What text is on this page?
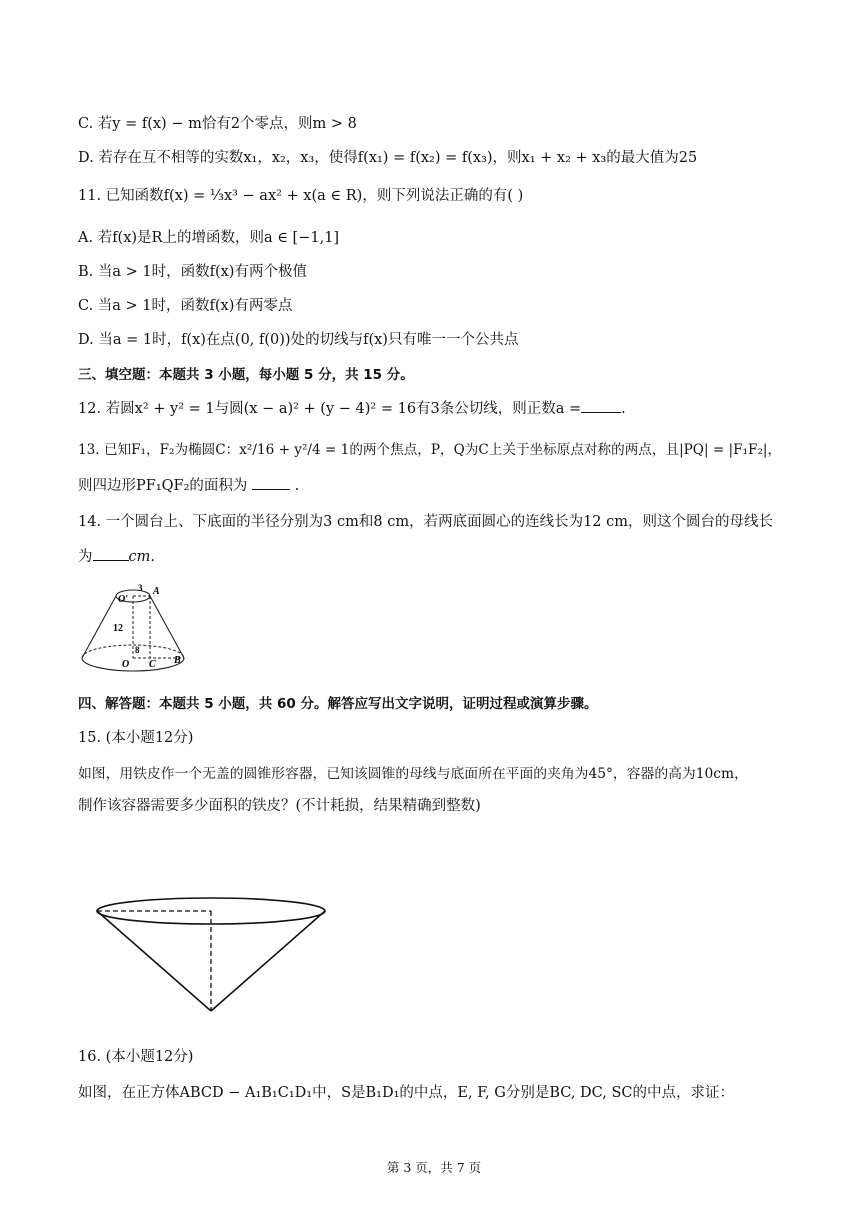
C. 若y = f(x) − m恰有2个零点，则m > 8
D. 若存在互不相等的实数x₁，x₂，x₃，使得f(x₁) = f(x₂) = f(x₃)，则x₁ + x₂ + x₃的最大值为25
11. 已知函数f(x) = ⅓x³ − ax² + x(a ∈ R)，则下列说法正确的有( )
A. 若f(x)是R上的增函数，则a ∈ [−1,1]
B. 当a > 1时，函数f(x)有两个极值
C. 当a > 1时，函数f(x)有两零点
D. 当a = 1时，f(x)在点(0, f(0))处的切线与f(x)只有唯一一个公共点
三、填空题：本题共 3 小题，每小题 5 分，共 15 分。
12. 若圆x² + y² = 1与圆(x − a)² + (y − 4)² = 16有3条公切线，则正数a =	.
13. 已知F₁，F₂为椭圆C：x²/16 + y²/4 = 1的两个焦点，P，Q为C上关于坐标原点对称的两点，且|PQ| = |F₁F₂|，
则四边形PF₁QF₂的面积为	.
14. 一个圆台上、下底面的半径分别为3 cm和8 cm，若两底面圆心的连线长为12 cm，则这个圆台的母线长
为 cm.
O′
3 A
12
8
O C B
四、解答题：本题共 5 小题，共 60 分。解答应写出文字说明，证明过程或演算步骤。
15. (本小题12分)
如图，用铁皮作一个无盖的圆锥形容器，已知该圆锥的母线与底面所在平面的夹角为45°，容器的高为10cm，
制作该容器需要多少面积的铁皮？(不计耗损，结果精确到整数)
16. (本小题12分)
如图，在正方体ABCD − A₁B₁C₁D₁中，S是B₁D₁的中点，E, F, G分别是BC, DC, SC的中点，求证：
第 3 页，共 7 页
